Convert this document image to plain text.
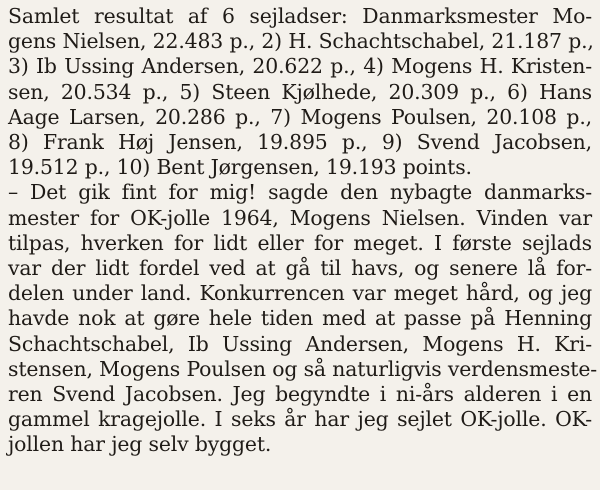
Samlet resultat af 6 sejladser: Danmarksmester Mo-
gens Nielsen, 22.483 p., 2) H. Schachtschabel, 21.187 p.,
3) Ib Ussing Andersen, 20.622 p., 4) Mogens H. Kristen-
sen, 20.534 p., 5) Steen Kjølhede, 20.309 p., 6) Hans
Aage Larsen, 20.286 p., 7) Mogens Poulsen, 20.108 p.,
8) Frank Høj Jensen, 19.895 p., 9) Svend Jacobsen,
19.512 p., 10) Bent Jørgensen, 19.193 points.
– Det gik fint for mig! sagde den nybagte danmarks-
mester for OK-jolle 1964, Mogens Nielsen. Vinden var
tilpas, hverken for lidt eller for meget. I første sejlads
var der lidt fordel ved at gå til havs, og senere lå for-
delen under land. Konkurrencen var meget hård, og jeg
havde nok at gøre hele tiden med at passe på Henning
Schachtschabel, Ib Ussing Andersen, Mogens H. Kri-
stensen, Mogens Poulsen og så naturligvis verdensmeste-
ren Svend Jacobsen. Jeg begyndte i ni-års alderen i en
gammel kragejolle. I seks år har jeg sejlet OK-jolle. OK-
jollen har jeg selv bygget.
